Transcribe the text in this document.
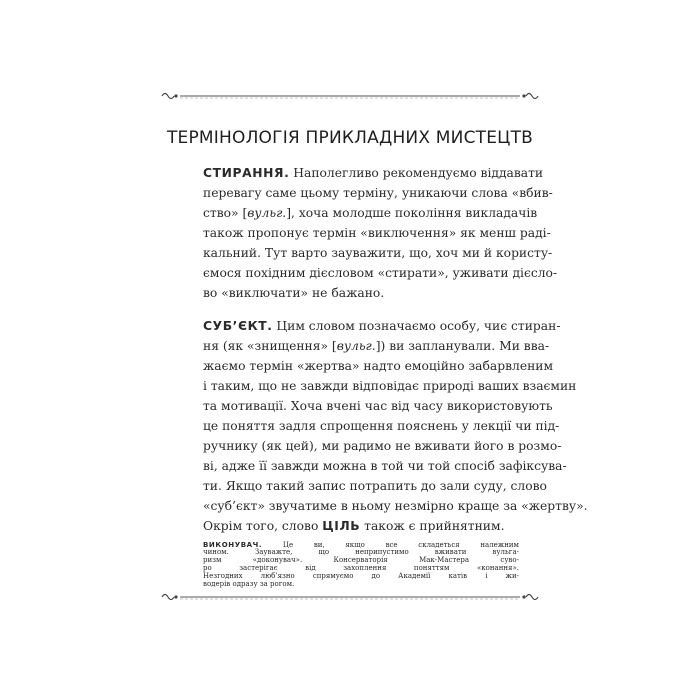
ТЕРМІНОЛОГІЯ ПРИКЛАДНИХ МИСТЕЦТВ
СТИРАННЯ. Наполегливо рекомендуємо віддавати
перевагу саме цьому терміну, уникаючи слова «вбив-
ство» [вульг.], хоча молодше покоління викладачів
також пропонує термін «виключення» як менш раді-
кальний. Тут варто зауважити, що, хоч ми й користу-
ємося похідним дієсловом «стирати», уживати дієсло-
во «виключати» не бажано.
СУБ’ЄКТ. Цим словом позначаємо особу, чиє стиран-
ня (як «знищення» [вульг.]) ви запланували. Ми вва-
жаємо термін «жертва» надто емоційно забарвленим
і таким, що не завжди відповідає природі ваших взаємин
та мотивації. Хоча вчені час від часу використовують
це поняття задля спрощення пояснень у лекції чи під-
ручнику (як цей), ми радимо не вживати його в розмо-
ві, адже її завжди можна в той чи той спосіб зафіксува-
ти. Якщо такий запис потрапить до зали суду, слово
«суб’єкт» звучатиме в ньому незмірно краще за «жертву».
Окрім того, слово ЦІЛЬ також є прийнятним.
ВИКОНУВАЧ. Це ви, якщо все складеться належним
чином. Зауважте, що неприпустимо вживати вульга-
ризм «доконувач». Консерваторія Мак-Мастера суво-
ро застерігає від захоплення поняттям «конання».
Незгодних люб’язно спрямуємо до Академії катів і жи-
водерів одразу за рогом.
